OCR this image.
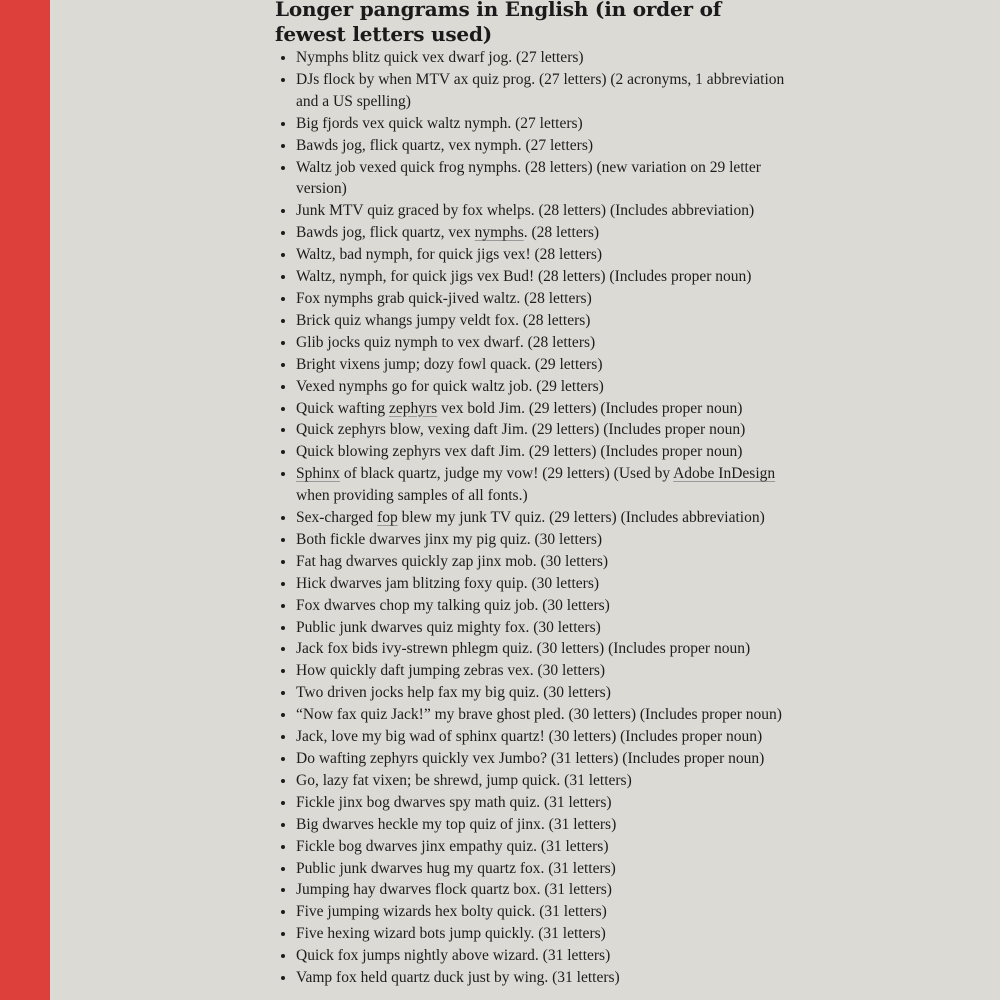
Longer pangrams in English (in order of fewest letters used)
• Nymphs blitz quick vex dwarf jog. (27 letters)
• DJs flock by when MTV ax quiz prog. (27 letters) (2 acronyms, 1 abbreviation and a US spelling)
• Big fjords vex quick waltz nymph. (27 letters)
• Bawds jog, flick quartz, vex nymph. (27 letters)
• Waltz job vexed quick frog nymphs. (28 letters) (new variation on 29 letter version)
• Junk MTV quiz graced by fox whelps. (28 letters) (Includes abbreviation)
• Bawds jog, flick quartz, vex nymphs. (28 letters)
• Waltz, bad nymph, for quick jigs vex! (28 letters)
• Waltz, nymph, for quick jigs vex Bud! (28 letters) (Includes proper noun)
• Fox nymphs grab quick-jived waltz. (28 letters)
• Brick quiz whangs jumpy veldt fox. (28 letters)
• Glib jocks quiz nymph to vex dwarf. (28 letters)
• Bright vixens jump; dozy fowl quack. (29 letters)
• Vexed nymphs go for quick waltz job. (29 letters)
• Quick wafting zephyrs vex bold Jim. (29 letters) (Includes proper noun)
• Quick zephyrs blow, vexing daft Jim. (29 letters) (Includes proper noun)
• Quick blowing zephyrs vex daft Jim. (29 letters) (Includes proper noun)
• Sphinx of black quartz, judge my vow! (29 letters) (Used by Adobe InDesign when providing samples of all fonts.)
• Sex-charged fop blew my junk TV quiz. (29 letters) (Includes abbreviation)
• Both fickle dwarves jinx my pig quiz. (30 letters)
• Fat hag dwarves quickly zap jinx mob. (30 letters)
• Hick dwarves jam blitzing foxy quip. (30 letters)
• Fox dwarves chop my talking quiz job. (30 letters)
• Public junk dwarves quiz mighty fox. (30 letters)
• Jack fox bids ivy-strewn phlegm quiz. (30 letters) (Includes proper noun)
• How quickly daft jumping zebras vex. (30 letters)
• Two driven jocks help fax my big quiz. (30 letters)
• “Now fax quiz Jack!” my brave ghost pled. (30 letters) (Includes proper noun)
• Jack, love my big wad of sphinx quartz! (30 letters) (Includes proper noun)
• Do wafting zephyrs quickly vex Jumbo? (31 letters) (Includes proper noun)
• Go, lazy fat vixen; be shrewd, jump quick. (31 letters)
• Fickle jinx bog dwarves spy math quiz. (31 letters)
• Big dwarves heckle my top quiz of jinx. (31 letters)
• Fickle bog dwarves jinx empathy quiz. (31 letters)
• Public junk dwarves hug my quartz fox. (31 letters)
• Jumping hay dwarves flock quartz box. (31 letters)
• Five jumping wizards hex bolty quick. (31 letters)
• Five hexing wizard bots jump quickly. (31 letters)
• Quick fox jumps nightly above wizard. (31 letters)
• Vamp fox held quartz duck just by wing. (31 letters)
